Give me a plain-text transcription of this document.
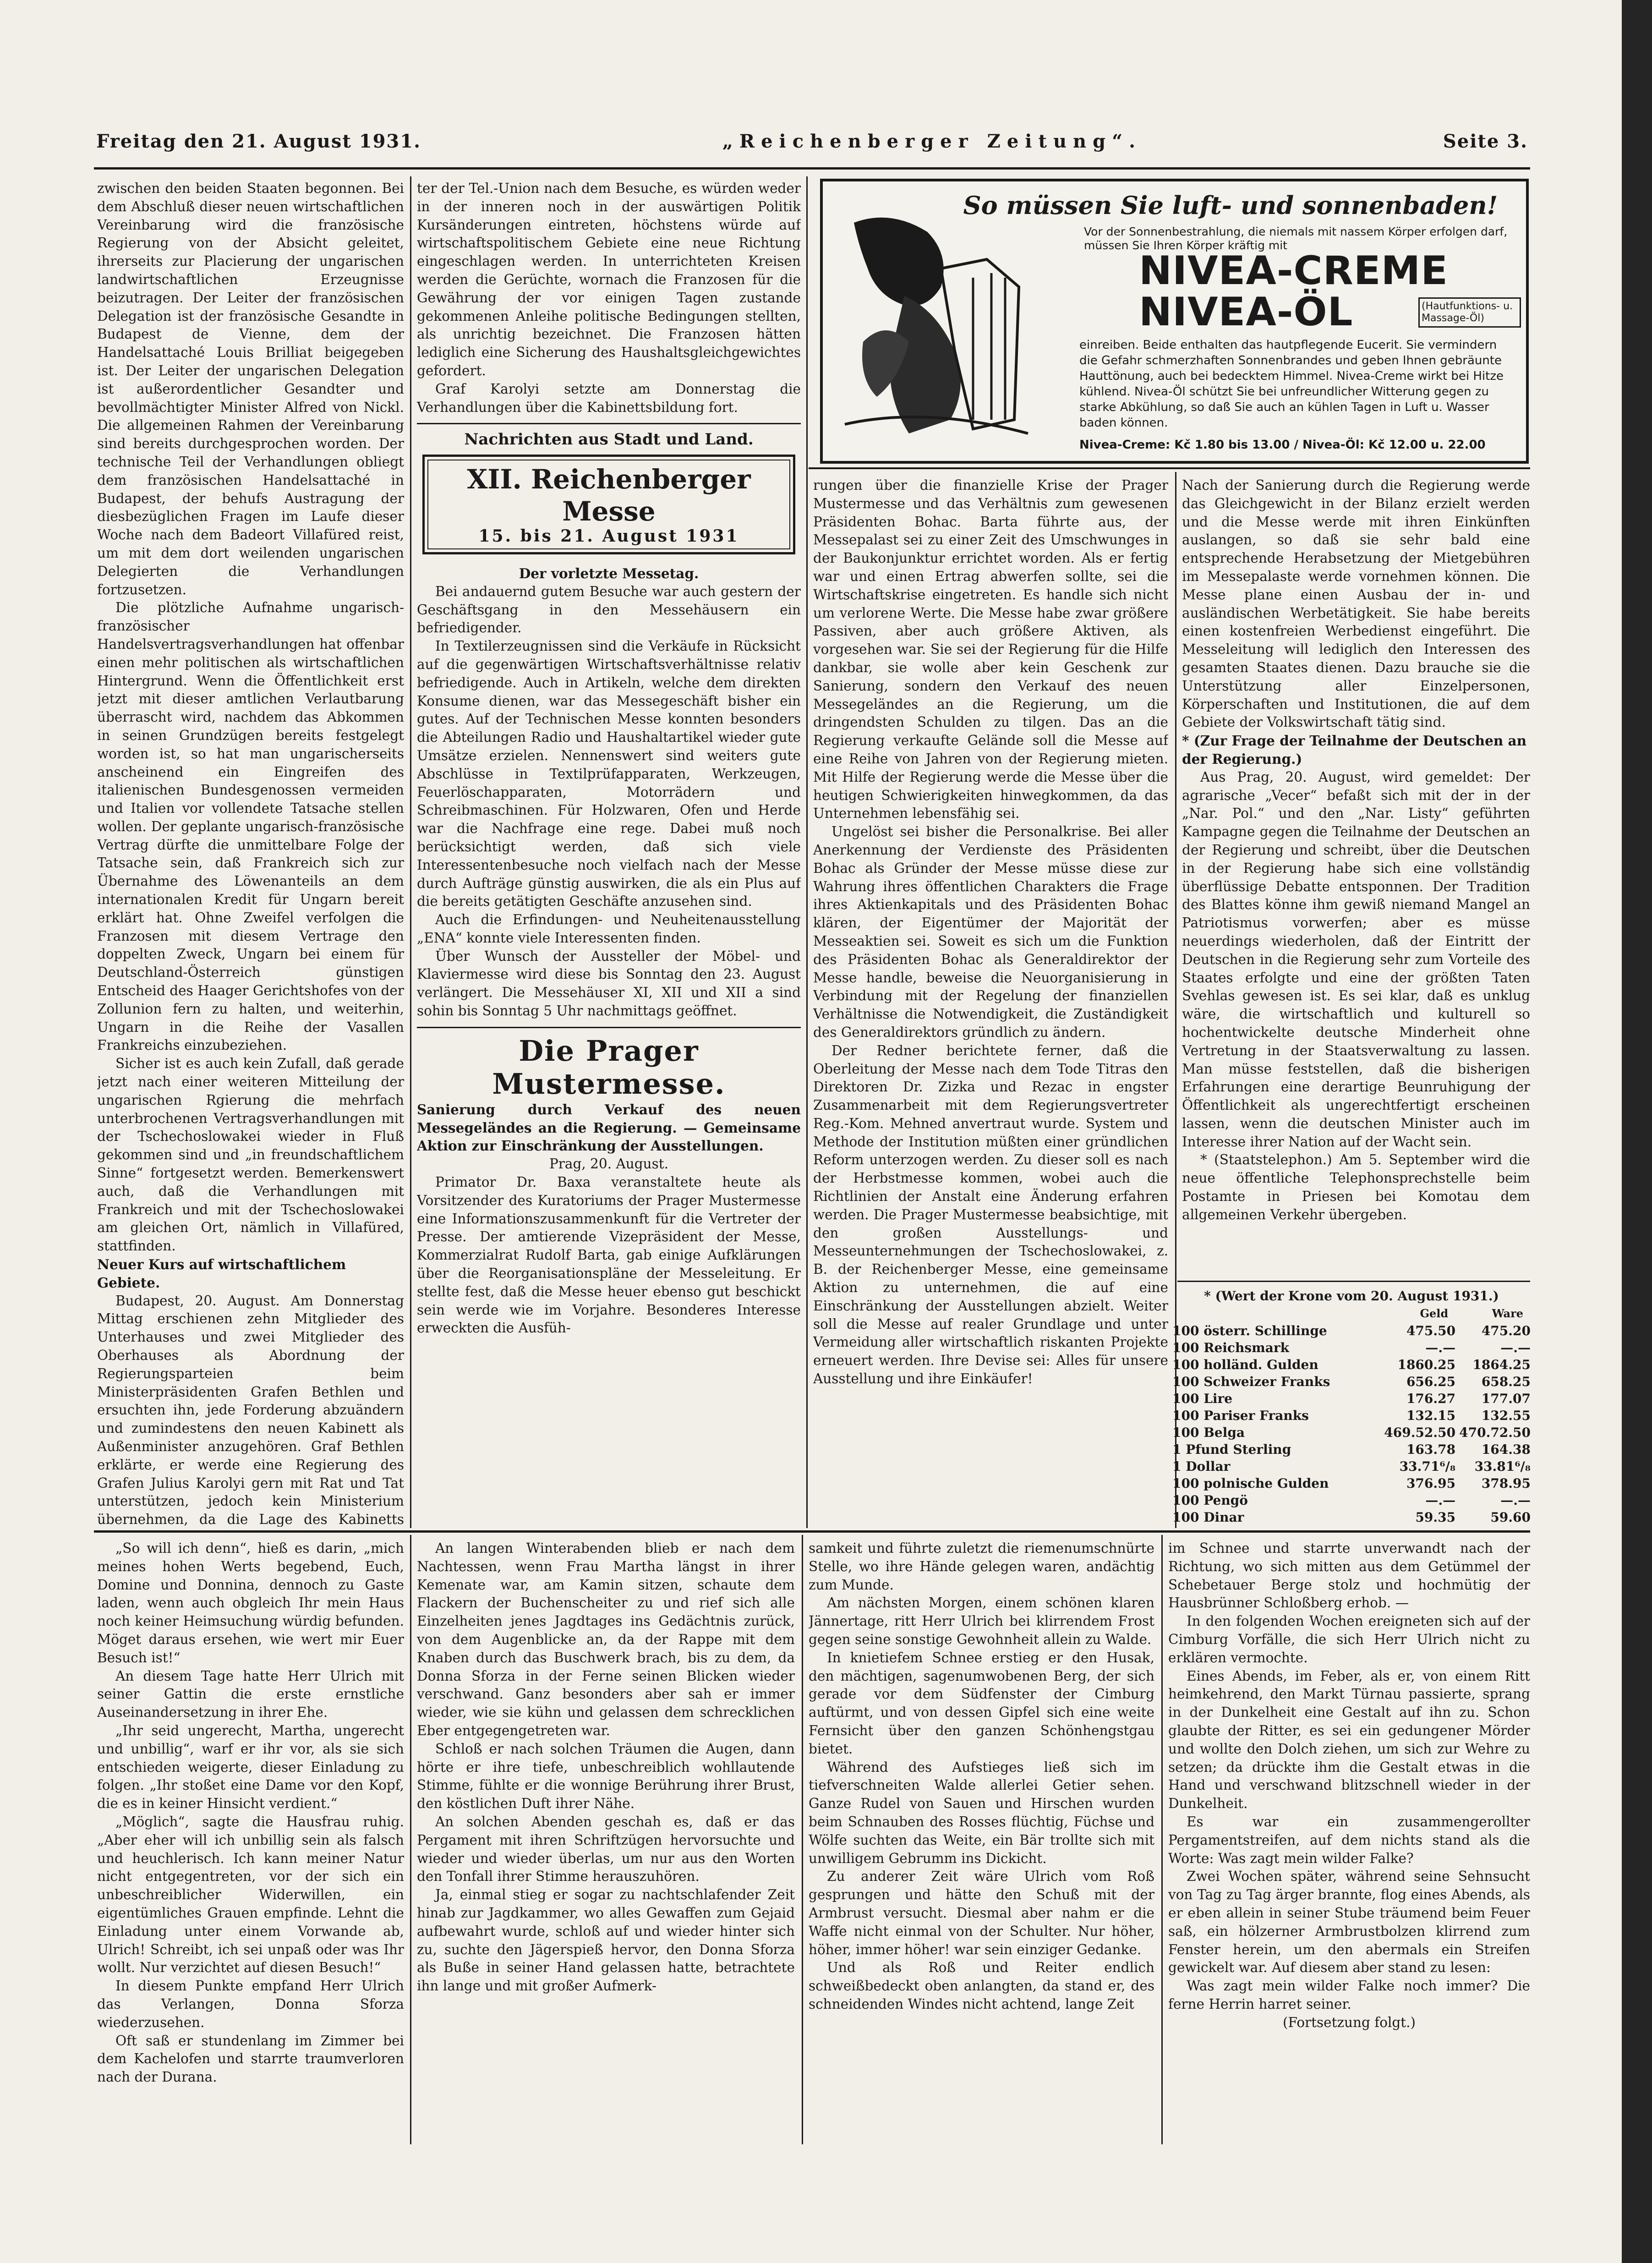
Freitag den 21. August 1931.	„Reichenberger Zeitung“.	Seite 3.

zwischen den beiden Staaten begonnen. Bei dem Abschluß dieser neuen wirtschaftlichen Vereinbarung wird die französische Regierung von der Absicht geleitet, ihrerseits zur Placierung der ungarischen landwirtschaftlichen Erzeugnisse beizutragen. Der Leiter der französischen Delegation ist der französische Gesandte in Budapest de Vienne, dem der Handelsattaché Louis Brilliat beigegeben ist. Der Leiter der ungarischen Delegation ist außerordentlicher Gesandter und bevollmächtigter Minister Alfred von Nickl. Die allgemeinen Rahmen der Vereinbarung sind bereits durchgesprochen worden. Der technische Teil der Verhandlungen obliegt dem französischen Handelsattaché in Budapest, der behufs Austragung der diesbezüglichen Fragen im Laufe dieser Woche nach dem Badeort Villafüred reist, um mit dem dort weilenden ungarischen Delegierten die Verhandlungen fortzusetzen.

Die plötzliche Aufnahme ungarisch-französischer Handelsvertragsverhandlungen hat offenbar einen mehr politischen als wirtschaftlichen Hintergrund. Wenn die Öffentlichkeit erst jetzt mit dieser amtlichen Verlautbarung überrascht wird, nachdem das Abkommen in seinen Grundzügen bereits festgelegt worden ist, so hat man ungarischerseits anscheinend ein Eingreifen des italienischen Bundesgenossen vermeiden und Italien vor vollendete Tatsache stellen wollen. Der geplante ungarisch-französische Vertrag dürfte die unmittelbare Folge der Tatsache sein, daß Frankreich sich zur Übernahme des Löwenanteils an dem internationalen Kredit für Ungarn bereit erklärt hat. Ohne Zweifel verfolgen die Franzosen mit diesem Vertrage den doppelten Zweck, Ungarn bei einem für Deutschland-Österreich günstigen Entscheid des Haager Gerichtshofes von der Zollunion fern zu halten, und weiterhin, Ungarn in die Reihe der Vasallen Frankreichs einzubeziehen.

Sicher ist es auch kein Zufall, daß gerade jetzt nach einer weiteren Mitteilung der ungarischen Rgierung die mehrfach unterbrochenen Vertragsverhandlungen mit der Tschechoslowakei wieder in Fluß gekommen sind und „in freundschaftlichem Sinne“ fortgesetzt werden. Bemerkenswert auch, daß die Verhandlungen mit Frankreich und mit der Tschechoslowakei am gleichen Ort, nämlich in Villafüred, stattfinden.

Neuer Kurs auf wirtschaftlichem Gebiete.

Budapest, 20. August. Am Donnerstag Mittag erschienen zehn Mitglieder des Unterhauses und zwei Mitglieder des Oberhauses als Abordnung der Regierungsparteien beim Ministerpräsidenten Grafen Bethlen und ersuchten ihn, jede Forderung abzuändern und zumindestens den neuen Kabinett als Außenminister anzugehören. Graf Bethlen erklärte, er werde eine Regierung des Grafen Julius Karolyi gern mit Rat und Tat unterstützen, jedoch kein Ministerium übernehmen, da die Lage des Kabinetts

ter der Tel.-Union nach dem Besuche, es würden weder in der inneren noch in der auswärtigen Politik Kursänderungen eintreten, höchstens würde auf wirtschaftspolitischem Gebiete eine neue Richtung eingeschlagen werden. In unterrichteten Kreisen werden die Gerüchte, wornach die Franzosen für die Gewährung der vor einigen Tagen zustande gekommenen Anleihe politische Bedingungen stellten, als unrichtig bezeichnet. Die Franzosen hätten lediglich eine Sicherung des Haushaltsgleichgewichtes gefordert.

Graf Karolyi setzte am Donnerstag die Verhandlungen über die Kabinettsbildung fort.

Nachrichten aus Stadt und Land.

XII. Reichenberger Messe
15. bis 21. August 1931

Der vorletzte Messetag.

Bei andauernd gutem Besuche war auch gestern der Geschäftsgang in den Messehäusern ein befriedigender.

In Textilerzeugnissen sind die Verkäufe in Rücksicht auf die gegenwärtigen Wirtschaftsverhältnisse relativ befriedigende. Auch in Artikeln, welche dem direkten Konsume dienen, war das Messegeschäft bisher ein gutes. Auf der Technischen Messe konnten besonders die Abteilungen Radio und Haushaltartikel wieder gute Umsätze erzielen. Nennenswert sind weiters gute Abschlüsse in Textilprüfapparaten, Werkzeugen, Feuerlöschapparaten, Motorrädern und Schreibmaschinen. Für Holzwaren, Ofen und Herde war die Nachfrage eine rege. Dabei muß noch berücksichtigt werden, daß sich viele Interessentenbesuche noch vielfach nach der Messe durch Aufträge günstig auswirken, die als ein Plus auf die bereits getätigten Geschäfte anzusehen sind.

Auch die Erfindungen- und Neuheitenausstellung „ENA“ konnte viele Interessenten finden.

Über Wunsch der Aussteller der Möbel- und Klaviermesse wird diese bis Sonntag den 23. August verlängert. Die Messehäuser XI, XII und XII a sind sohin bis Sonntag 5 Uhr nachmittags geöffnet.

Die Prager Mustermesse.

Sanierung durch Verkauf des neuen Messegeländes an die Regierung. — Gemeinsame Aktion zur Einschränkung der Ausstellungen.

Prag, 20. August.

Primator Dr. Baxa veranstaltete heute als Vorsitzender des Kuratoriums der Prager Mustermesse eine Informationszusammenkunft für die Vertreter der Presse. Der amtierende Vizepräsident der Messe, Kommerzialrat Rudolf Barta, gab einige Aufklärungen über die Reorganisationspläne der Messeleitung. Er stellte fest, daß die Messe heuer ebenso gut beschickt sein werde wie im Vorjahre. Besonderes Interesse erweckten die Ausfüh-

So müssen Sie luft- und sonnenbaden!
Vor der Sonnenbestrahlung, die niemals mit nassem Körper erfolgen darf, müssen Sie Ihren Körper kräftig mit
NIVEA-CREME
NIVEA-ÖL	(Hautfunktions- u. Massage-Öl)
einreiben. Beide enthalten das hautpflegende Eucerit. Sie vermindern die Gefahr schmerzhaften Sonnenbrandes und geben Ihnen gebräunte Hauttönung, auch bei bedecktem Himmel. Nivea-Creme wirkt bei Hitze kühlend. Nivea-Öl schützt Sie bei unfreundlicher Witterung gegen zu starke Abkühlung, so daß Sie auch an kühlen Tagen in Luft u. Wasser baden können.
Nivea-Creme: Kč 1.80 bis 13.00 / Nivea-Öl: Kč 12.00 u. 22.00

rungen über die finanzielle Krise der Prager Mustermesse und das Verhältnis zum gewesenen Präsidenten Bohac. Barta führte aus, der Messepalast sei zu einer Zeit des Umschwunges in der Baukonjunktur errichtet worden. Als er fertig war und einen Ertrag abwerfen sollte, sei die Wirtschaftskrise eingetreten. Es handle sich nicht um verlorene Werte. Die Messe habe zwar größere Passiven, aber auch größere Aktiven, als vorgesehen war. Sie sei der Regierung für die Hilfe dankbar, sie wolle aber kein Geschenk zur Sanierung, sondern den Verkauf des neuen Messegeländes an die Regierung, um die dringendsten Schulden zu tilgen. Das an die Regierung verkaufte Gelände soll die Messe auf eine Reihe von Jahren von der Regierung mieten. Mit Hilfe der Regierung werde die Messe über die heutigen Schwierigkeiten hinwegkommen, da das Unternehmen lebensfähig sei.

Ungelöst sei bisher die Personalkrise. Bei aller Anerkennung der Verdienste des Präsidenten Bohac als Gründer der Messe müsse diese zur Wahrung ihres öffentlichen Charakters die Frage ihres Aktienkapitals und des Präsidenten Bohac klären, der Eigentümer der Majorität der Messeaktien sei. Soweit es sich um die Funktion des Präsidenten Bohac als Generaldirektor der Messe handle, beweise die Neuorganisierung in Verbindung mit der Regelung der finanziellen Verhältnisse die Notwendigkeit, die Zuständigkeit des Generaldirektors gründlich zu ändern.

Der Redner berichtete ferner, daß die Oberleitung der Messe nach dem Tode Titras den Direktoren Dr. Zizka und Rezac in engster Zusammenarbeit mit dem Regierungsvertreter Reg.-Kom. Mehned anvertraut wurde. System und Methode der Institution müßten einer gründlichen Reform unterzogen werden. Zu dieser soll es nach der Herbstmesse kommen, wobei auch die Richtlinien der Anstalt eine Änderung erfahren werden. Die Prager Mustermesse beabsichtige, mit den großen Ausstellungs- und Messeunternehmungen der Tschechoslowakei, z. B. der Reichenberger Messe, eine gemeinsame Aktion zu unternehmen, die auf eine Einschränkung der Ausstellungen abzielt. Weiter soll die Messe auf realer Grundlage und unter Vermeidung aller wirtschaftlich riskanten Projekte erneuert werden. Ihre Devise sei: Alles für unsere Ausstellung und ihre Einkäufer!

Nach der Sanierung durch die Regierung werde das Gleichgewicht in der Bilanz erzielt werden und die Messe werde mit ihren Einkünften auslangen, so daß sie sehr bald eine entsprechende Herabsetzung der Mietgebühren im Messepalaste werde vornehmen können. Die Messe plane einen Ausbau der in- und ausländischen Werbetätigkeit. Sie habe bereits einen kostenfreien Werbedienst eingeführt. Die Messeleitung will lediglich den Interessen des gesamten Staates dienen. Dazu brauche sie die Unterstützung aller Einzelpersonen, Körperschaften und Institutionen, die auf dem Gebiete der Volkswirtschaft tätig sind.

* (Zur Frage der Teilnahme der Deutschen an der Regierung.)

Aus Prag, 20. August, wird gemeldet: Der agrarische „Vecer“ befaßt sich mit der in der „Nar. Pol.“ und den „Nar. Listy“ geführten Kampagne gegen die Teilnahme der Deutschen an der Regierung und schreibt, über die Deutschen in der Regierung habe sich eine vollständig überflüssige Debatte entsponnen. Der Tradition des Blattes könne ihm gewiß niemand Mangel an Patriotismus vorwerfen; aber es müsse neuerdings wiederholen, daß der Eintritt der Deutschen in die Regierung sehr zum Vorteile des Staates erfolgte und eine der größten Taten Svehlas gewesen ist. Es sei klar, daß es unklug wäre, die wirtschaftlich und kulturell so hochentwickelte deutsche Minderheit ohne Vertretung in der Staatsverwaltung zu lassen. Man müsse feststellen, daß die bisherigen Erfahrungen eine derartige Beunruhigung der Öffentlichkeit als ungerechtfertigt erscheinen lassen, wenn die deutschen Minister auch im Interesse ihrer Nation auf der Wacht sein.

* (Staatstelephon.) Am 5. September wird die neue öffentliche Telephonsprechstelle beim Postamte in Priesen bei Komotau dem allgemeinen Verkehr übergeben.

* (Wert der Krone vom 20. August 1931.)
	Geld	Ware
100 österr. Schillinge	475.50	475.20
100 Reichsmark	—.—	—.—
100 holländ. Gulden	1860.25	1864.25
100 Schweizer Franks	656.25	658.25
100 Lire	176.27	177.07
100 Pariser Franks	132.15	132.55
100 Belga	469.52.50	470.72.50
1 Pfund Sterling	163.78	164.38
1 Dollar	33.71⁶/₈	33.81⁶/₈
100 polnische Gulden	376.95	378.95
100 Pengö	—.—	—.—
100 Dinar	59.35	59.60

„So will ich denn“, hieß es darin, „mich meines hohen Werts begebend, Euch, Domine und Donnina, dennoch zu Gaste laden, wenn auch obgleich Ihr mein Haus noch keiner Heimsuchung würdig befunden. Möget daraus ersehen, wie wert mir Euer Besuch ist!“

An diesem Tage hatte Herr Ulrich mit seiner Gattin die erste ernstliche Auseinandersetzung in ihrer Ehe.

„Ihr seid ungerecht, Martha, ungerecht und unbillig“, warf er ihr vor, als sie sich entschieden weigerte, dieser Einladung zu folgen. „Ihr stoßet eine Dame vor den Kopf, die es in keiner Hinsicht verdient.“

„Möglich“, sagte die Hausfrau ruhig. „Aber eher will ich unbillig sein als falsch und heuchlerisch. Ich kann meiner Natur nicht entgegentreten, vor der sich ein unbeschreiblicher Widerwillen, ein eigentümliches Grauen empfinde. Lehnt die Einladung unter einem Vorwande ab, Ulrich! Schreibt, ich sei unpaß oder was Ihr wollt. Nur verzichtet auf diesen Besuch!“

In diesem Punkte empfand Herr Ulrich das Verlangen, Donna Sforza wiederzusehen.

Oft saß er stundenlang im Zimmer bei dem Kachelofen und starrte traumverloren nach der Durana.

An langen Winterabenden blieb er nach dem Nachtessen, wenn Frau Martha längst in ihrer Kemenate war, am Kamin sitzen, schaute dem Flackern der Buchenscheiter zu und rief sich alle Einzelheiten jenes Jagdtages ins Gedächtnis zurück, von dem Augenblicke an, da der Rappe mit dem Knaben durch das Buschwerk brach, bis zu dem, da Donna Sforza in der Ferne seinen Blicken wieder verschwand. Ganz besonders aber sah er immer wieder, wie sie kühn und gelassen dem schrecklichen Eber entgegengetreten war.

Schloß er nach solchen Träumen die Augen, dann hörte er ihre tiefe, unbeschreiblich wohllautende Stimme, fühlte er die wonnige Berührung ihrer Brust, den köstlichen Duft ihrer Nähe.

An solchen Abenden geschah es, daß er das Pergament mit ihren Schriftzügen hervorsuchte und wieder und wieder überlas, um nur aus den Worten den Tonfall ihrer Stimme herauszuhören.

Ja, einmal stieg er sogar zu nachtschlafender Zeit hinab zur Jagdkammer, wo alles Gewaffen zum Gejaid aufbewahrt wurde, schloß auf und wieder hinter sich zu, suchte den Jägerspieß hervor, den Donna Sforza als Buße in seiner Hand gelassen hatte, betrachtete ihn lange und mit großer Aufmerk-

samkeit und führte zuletzt die riemenumschnürte Stelle, wo ihre Hände gelegen waren, andächtig zum Munde.

Am nächsten Morgen, einem schönen klaren Jännertage, ritt Herr Ulrich bei klirrendem Frost gegen seine sonstige Gewohnheit allein zu Walde.

In knietiefem Schnee erstieg er den Husak, den mächtigen, sagenumwobenen Berg, der sich gerade vor dem Südfenster der Cimburg auftürmt, und von dessen Gipfel sich eine weite Fernsicht über den ganzen Schönhengstgau bietet.

Während des Aufstieges ließ sich im tiefverschneiten Walde allerlei Getier sehen. Ganze Rudel von Sauen und Hirschen wurden beim Schnauben des Rosses flüchtig, Füchse und Wölfe suchten das Weite, ein Bär trollte sich mit unwilligem Gebrumm ins Dickicht.

Zu anderer Zeit wäre Ulrich vom Roß gesprungen und hätte den Schuß mit der Armbrust versucht. Diesmal aber nahm er die Waffe nicht einmal von der Schulter. Nur höher, höher, immer höher! war sein einziger Gedanke.

Und als Roß und Reiter endlich schweißbedeckt oben anlangten, da stand er, des schneidenden Windes nicht achtend, lange Zeit

im Schnee und starrte unverwandt nach der Richtung, wo sich mitten aus dem Getümmel der Schebetauer Berge stolz und hochmütig der Hausbrünner Schloßberg erhob. —

In den folgenden Wochen ereigneten sich auf der Cimburg Vorfälle, die sich Herr Ulrich nicht zu erklären vermochte.

Eines Abends, im Feber, als er, von einem Ritt heimkehrend, den Markt Türnau passierte, sprang in der Dunkelheit eine Gestalt auf ihn zu. Schon glaubte der Ritter, es sei ein gedungener Mörder und wollte den Dolch ziehen, um sich zur Wehre zu setzen; da drückte ihm die Gestalt etwas in die Hand und verschwand blitzschnell wieder in der Dunkelheit.

Es war ein zusammengerollter Pergamentstreifen, auf dem nichts stand als die Worte: Was zagt mein wilder Falke?

Zwei Wochen später, während seine Sehnsucht von Tag zu Tag ärger brannte, flog eines Abends, als er eben allein in seiner Stube träumend beim Feuer saß, ein hölzerner Armbrustbolzen klirrend zum Fenster herein, um den abermals ein Streifen gewickelt war. Auf diesem aber stand zu lesen:

Was zagt mein wilder Falke noch immer? Die ferne Herrin harret seiner.

(Fortsetzung folgt.)
